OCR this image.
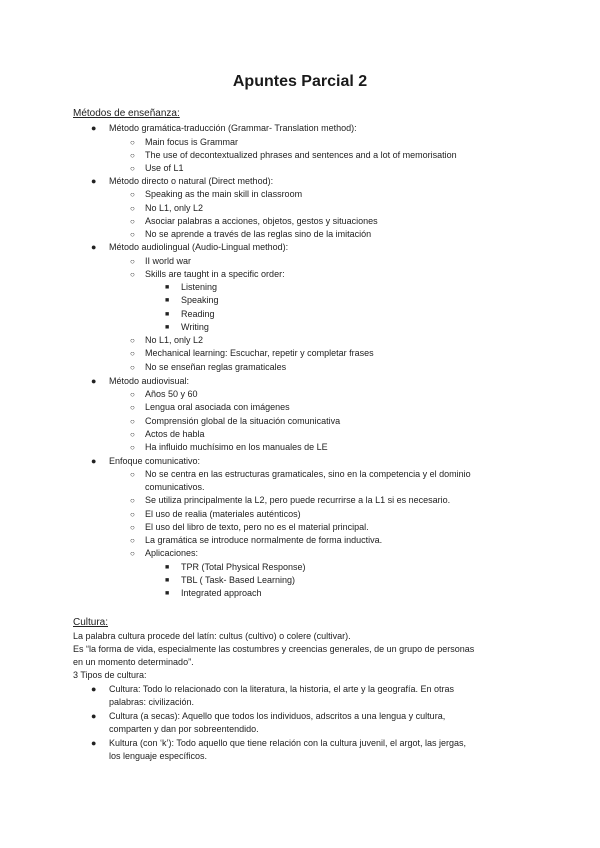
Apuntes Parcial 2
Métodos de enseñanza:
● Método gramática-traducción (Grammar- Translation method):
○ Main focus is Grammar
○ The use of decontextualized phrases and sentences and a lot of memorisation
○ Use of L1
● Método directo o natural (Direct method):
○ Speaking as the main skill in classroom
○ No L1, only L2
○ Asociar palabras a acciones, objetos, gestos y situaciones
○ No se aprende a través de las reglas sino de la imitación
● Método audiolingual (Audio-Lingual method):
○ II world war
○ Skills are taught in a specific order:
■ Listening
■ Speaking
■ Reading
■ Writing
○ No L1, only L2
○ Mechanical learning: Escuchar, repetir y completar frases
○ No se enseñan reglas gramaticales
● Método audiovisual:
○ Años 50 y 60
○ Lengua oral asociada con imágenes
○ Comprensión global de la situación comunicativa
○ Actos de habla
○ Ha influido muchísimo en los manuales de LE
● Enfoque comunicativo:
○ No se centra en las estructuras gramaticales, sino en la competencia y el dominio
comunicativos.
○ Se utiliza principalmente la L2, pero puede recurrirse a la L1 si es necesario.
○ El uso de realia (materiales auténticos)
○ El uso del libro de texto, pero no es el material principal.
○ La gramática se introduce normalmente de forma inductiva.
○ Aplicaciones:
■ TPR (Total Physical Response)
■ TBL ( Task- Based Learning)
■ Integrated approach
Cultura:
La palabra cultura procede del latín: cultus (cultivo) o colere (cultivar).
Es “la forma de vida, especialmente las costumbres y creencias generales, de un grupo de personas
en un momento determinado”.
3 Tipos de cultura:
● Cultura: Todo lo relacionado con la literatura, la historia, el arte y la geografía. En otras
palabras: civilización.
● Cultura (a secas): Aquello que todos los individuos, adscritos a una lengua y cultura,
comparten y dan por sobreentendido.
● Kultura (con ‘k’): Todo aquello que tiene relación con la cultura juvenil, el argot, las jergas,
los lenguaje específicos.
